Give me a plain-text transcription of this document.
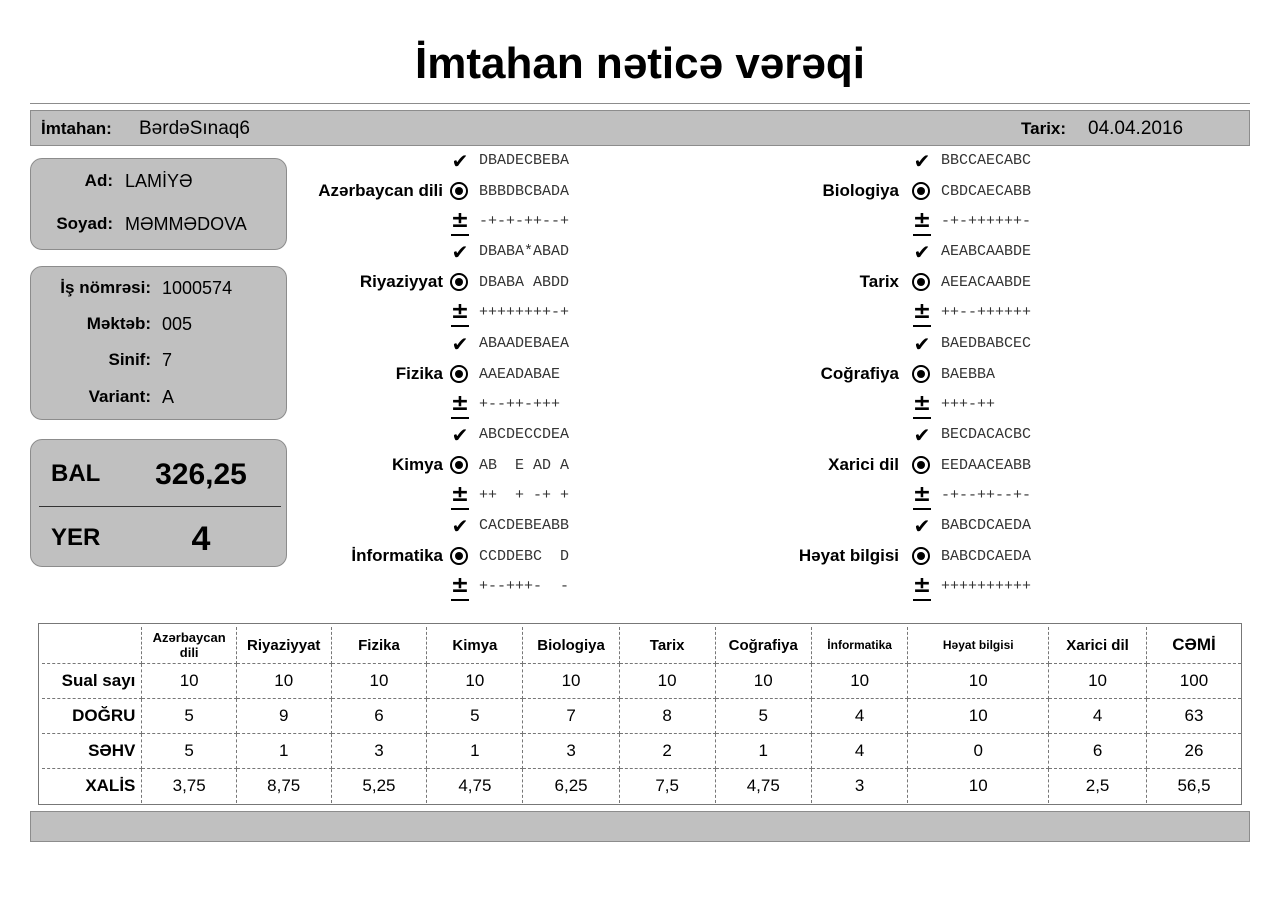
İmtahan nəticə vərəqi
İmtahan: BərdəSınaq6	Tarix: 04.04.2016
Ad: LAMİYƏ
Soyad: MƏMMƏDOVA
İş nömrəsi: 1000574
Məktəb: 005
Sinif: 7
Variant: A
BAL	326,25
YER	4
Azərbaycan dili
✔ DBADECBEBA
BBBDBCBADA
± -+-+-++--+
Riyaziyyat
✔ DBABA*ABAD
DBABA ABDD
± ++++++++-+
Fizika
✔ ABAADEBAEA
AAEADABAE
± +--++-+++
Kimya
✔ ABCDECCDEA
AB  E AD A
± ++  + -+ +
İnformatika
✔ CACDEBEABB
CCDDEBC  D
± +--+++-  -
Biologiya
✔ BBCCAECABC
CBDCAECABB
± -+-++++++-
Tarix
✔ AEABCAABDE
AEEACAABDE
± ++--++++++
Coğrafiya
✔ BAEDBABCEC
BAEBBA
± +++-++
Xarici dil
✔ BECDACACBC
EEDAACEABB
± -+--++--+-
Həyat bilgisi
✔ BABCDCAEDA
BABCDCAEDA
± ++++++++++
	Azərbaycan dili	Riyaziyyat	Fizika	Kimya	Biologiya	Tarix	Coğrafiya	İnformatika	Həyat bilgisi	Xarici dil	CƏMİ
Sual sayı	10	10	10	10	10	10	10	10	10	10	100
DOĞRU	5	9	6	5	7	8	5	4	10	4	63
SƏHV	5	1	3	1	3	2	1	4	0	6	26
XALİS	3,75	8,75	5,25	4,75	6,25	7,5	4,75	3	10	2,5	56,5
